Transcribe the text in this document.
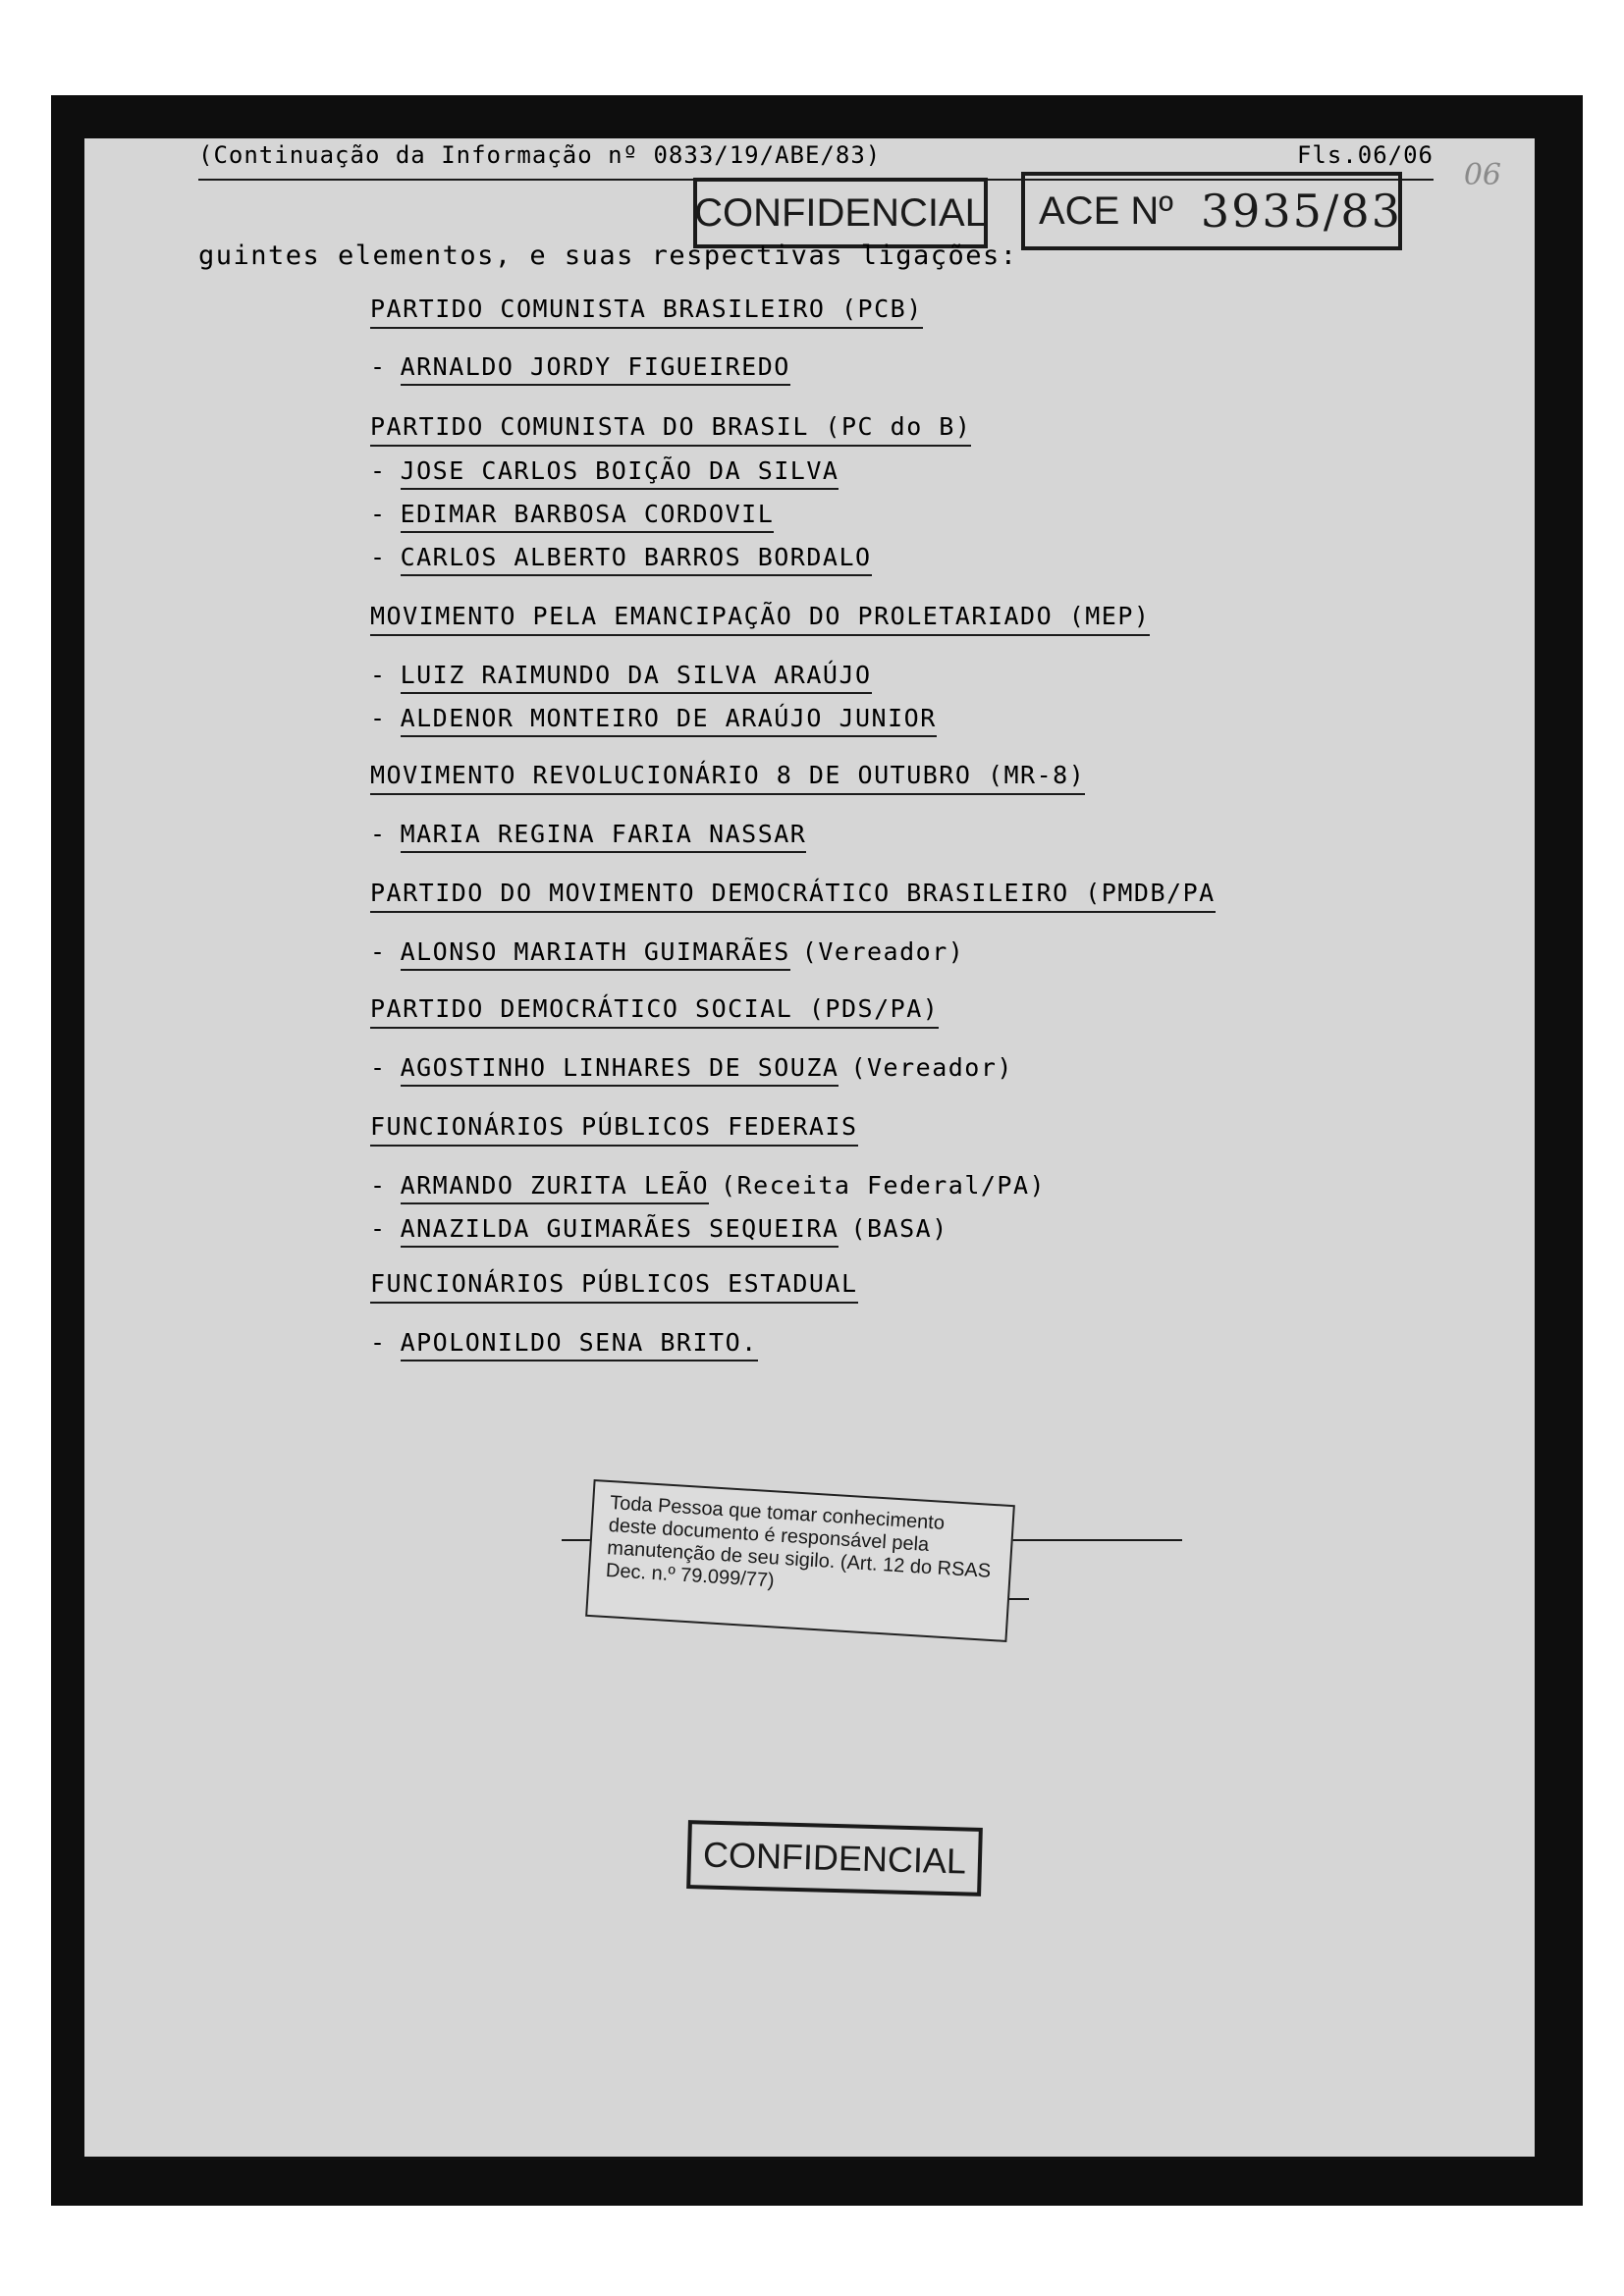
06
CONFIDENCIAL ACE Nº 3935/83
(Continuação da Informação nº 0833/19/ABE/83)	Fls.06/06

guintes elementos, e suas respectivas ligações:

PARTIDO COMUNISTA BRASILEIRO (PCB)
- ARNALDO JORDY FIGUEIREDO
PARTIDO COMUNISTA DO BRASIL (PC do B)
- JOSE CARLOS BOIÇÃO DA SILVA
- EDIMAR BARBOSA CORDOVIL
- CARLOS ALBERTO BARROS BORDALO
MOVIMENTO PELA EMANCIPAÇÃO DO PROLETARIADO (MEP)
- LUIZ RAIMUNDO DA SILVA ARAÚJO
- ALDENOR MONTEIRO DE ARAÚJO JUNIOR
MOVIMENTO REVOLUCIONÁRIO 8 DE OUTUBRO (MR-8)
- MARIA REGINA FARIA NASSAR
PARTIDO DO MOVIMENTO DEMOCRÁTICO BRASILEIRO (PMDB/PA
- ALONSO MARIATH GUIMARÃES (Vereador)
PARTIDO DEMOCRÁTICO SOCIAL (PDS/PA)
- AGOSTINHO LINHARES DE SOUZA (Vereador)
FUNCIONÁRIOS PÚBLICOS FEDERAIS
- ARMANDO ZURITA LEÃO (Receita Federal/PA)
- ANAZILDA GUIMARÃES SEQUEIRA (BASA)
FUNCIONÁRIOS PÚBLICOS ESTADUAL
- APOLONILDO SENA BRITO.
Toda Pessoa que tomar conhecimento deste documento é responsável pela manutenção de seu sigilo. (Art. 12 do RSAS Dec. n.º 79.099/77)
CONFIDENCIAL
